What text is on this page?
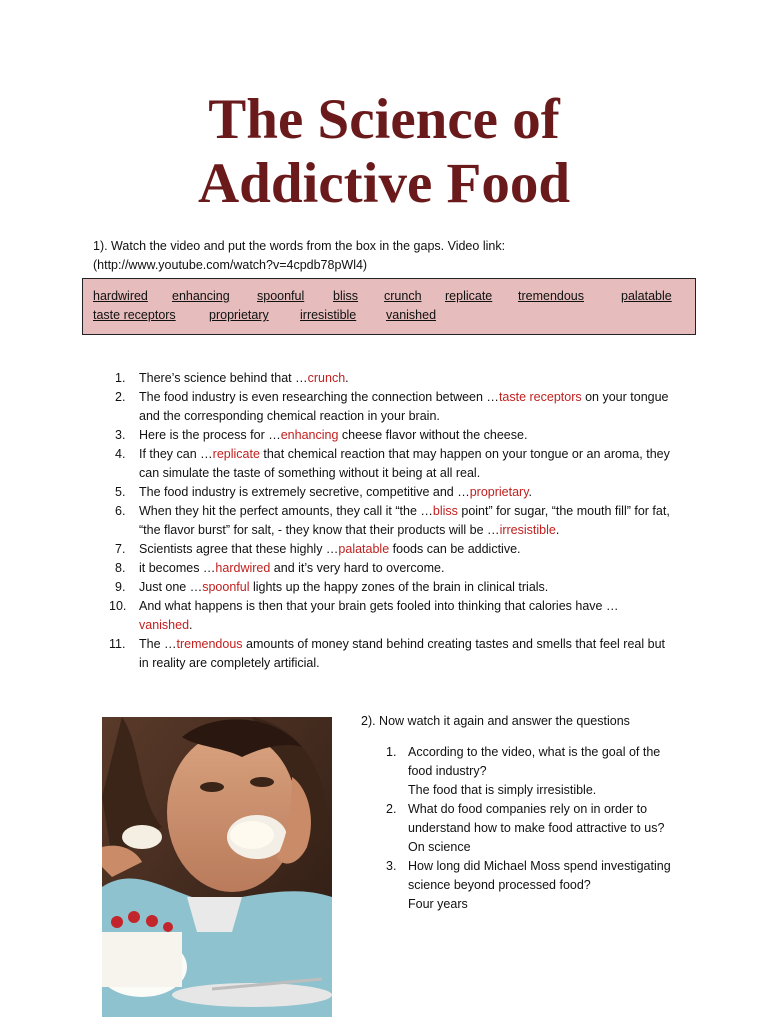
The Science of
Addictive Food
1). Watch the video and put the words from the box in the gaps. Video link:
(http://www.youtube.com/watch?v=4cpdb78pWl4)
hardwired enhancing spoonful bliss crunch replicate tremendous	palatable
taste receptors	proprietary	irresistible vanished
1.	There’s science behind that …crunch.
2.	The food industry is even researching the connection between …taste receptors on your tongue and the corresponding chemical reaction in your brain.
3.	Here is the process for …enhancing cheese flavor without the cheese.
4.	If they can …replicate that chemical reaction that may happen on your tongue or an aroma, they can simulate the taste of something without it being at all real.
5.	The food industry is extremely secretive, competitive and …proprietary.
6.	When they hit the perfect amounts, they call it “the …bliss point” for sugar, “the mouth fill” for fat, “the flavor burst” for salt, - they know that their products will be …irresistible.
7.	Scientists agree that these highly …palatable foods can be addictive.
8.	it becomes …hardwired and it’s very hard to overcome.
9.	Just one …spoonful lights up the happy zones of the brain in clinical trials.
10. And what happens is then that your brain gets fooled into thinking that calories have … vanished.
11. The …tremendous amounts of money stand behind creating tastes and smells that feel real but in reality are completely artificial.
2). Now watch it again and answer the questions
1. According to the video, what is the goal of the food industry?
The food that is simply irresistible.
2. What do food companies rely on in order to understand how to make food attractive to us?
On science
3. How long did Michael Moss spend investigating science beyond processed food?
Four years
